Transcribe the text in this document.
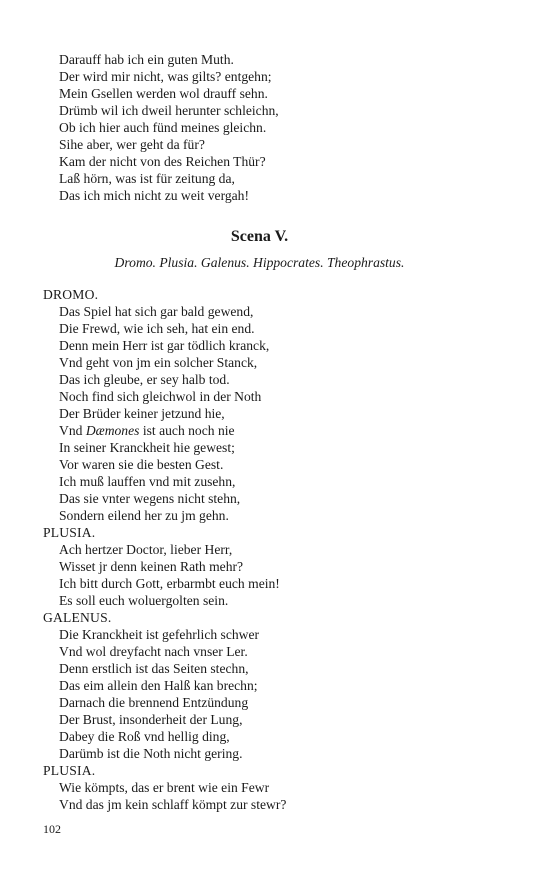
Darauff hab ich ein guten Muth.
Der wird mir nicht, was gilts? entgehn;
Mein Gsellen werden wol drauff sehn.
Drümb wil ich dweil herunter schleichn,
Ob ich hier auch fünd meines gleichn.
Sihe aber, wer geht da für?
Kam der nicht von des Reichen Thür?
Laß hörn, was ist für zeitung da,
Das ich mich nicht zu weit vergah!
Scena V.
Dromo. Plusia. Galenus. Hippocrates. Theophrastus.
DROMO.
Das Spiel hat sich gar bald gewend,
Die Frewd, wie ich seh, hat ein end.
Denn mein Herr ist gar tödlich kranck,
Vnd geht von jm ein solcher Stanck,
Das ich gleube, er sey halb tod.
Noch find sich gleichwol in der Noth
Der Brüder keiner jetzund hie,
Vnd Dæmones ist auch noch nie
In seiner Kranckheit hie gewest;
Vor waren sie die besten Gest.
Ich muß lauffen vnd mit zusehn,
Das sie vnter wegens nicht stehn,
Sondern eilend her zu jm gehn.
PLUSIA.
Ach hertzer Doctor, lieber Herr,
Wisset jr denn keinen Rath mehr?
Ich bitt durch Gott, erbarmbt euch mein!
Es soll euch woluergolten sein.
GALENUS.
Die Kranckheit ist gefehrlich schwer
Vnd wol dreyfacht nach vnser Ler.
Denn erstlich ist das Seiten stechn,
Das eim allein den Halß kan brechn;
Darnach die brennend Entzündung
Der Brust, insonderheit der Lung,
Dabey die Roß vnd hellig ding,
Darümb ist die Noth nicht gering.
PLUSIA.
Wie kömpts, das er brent wie ein Fewr
Vnd das jm kein schlaff kömpt zur stewr?
102
